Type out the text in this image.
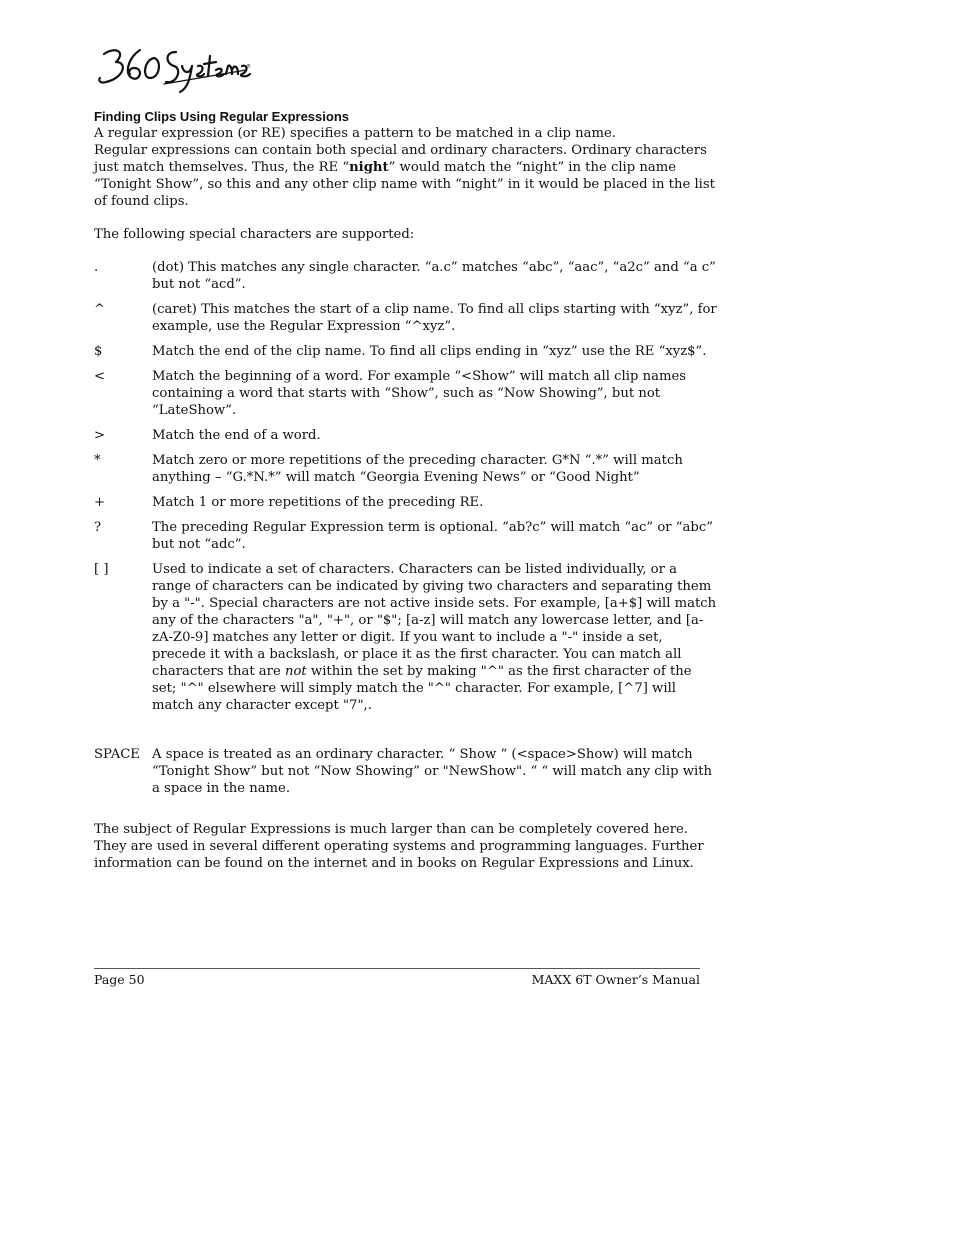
®
Finding Clips Using Regular Expressions

A regular expression (or RE) specifies a pattern to be matched in a clip name.

Regular expressions can contain both special and ordinary characters. Ordinary characters just match themselves. Thus, the RE “night” would match the “night” in the clip name “Tonight Show”, so this and any other clip name with “night” in it would be placed in the list of found clips.

The following special characters are supported:

.	(dot) This matches any single character. “a.c” matches “abc”, “aac”, “a2c” and “a c” but not “acd”.
^	(caret) This matches the start of a clip name. To find all clips starting with “xyz”, for example, use the Regular Expression “^xyz”.
$	Match the end of the clip name. To find all clips ending in “xyz” use the RE “xyz$”.
<	Match the beginning of a word. For example “<Show” will match all clip names containing a word that starts with “Show”, such as “Now Showing”, but not “LateShow”.
>	Match the end of a word.
*	Match zero or more repetitions of the preceding character. G*N “.*” will match anything – “G.*N.*” will match “Georgia Evening News” or “Good Night”
+	Match 1 or more repetitions of the preceding RE.
?	The preceding Regular Expression term is optional. “ab?c” will match “ac” or “abc” but not “adc”.
[ ]	Used to indicate a set of characters. Characters can be listed individually, or a range of characters can be indicated by giving two characters and separating them by a "-". Special characters are not active inside sets. For example, [a+$] will match any of the characters "a", "+", or "$"; [a-z] will match any lowercase letter, and [a-zA-Z0-9] matches any letter or digit. If you want to include a "-" inside a set, precede it with a backslash, or place it as the first character. You can match all characters that are not within the set by making "^" as the first character of the set; "^" elsewhere will simply match the "^" character. For example, [^7] will match any character except "7",.
SPACE A space is treated as an ordinary character. “ Show “ (<space>Show) will match “Tonight Show” but not “Now Showing” or "NewShow". “ “ will match any clip with a space in the name.

The subject of Regular Expressions is much larger than can be completely covered here. They are used in several different operating systems and programming languages. Further information can be found on the internet and in books on Regular Expressions and Linux.

Page 50	MAXX 6T Owner’s Manual
